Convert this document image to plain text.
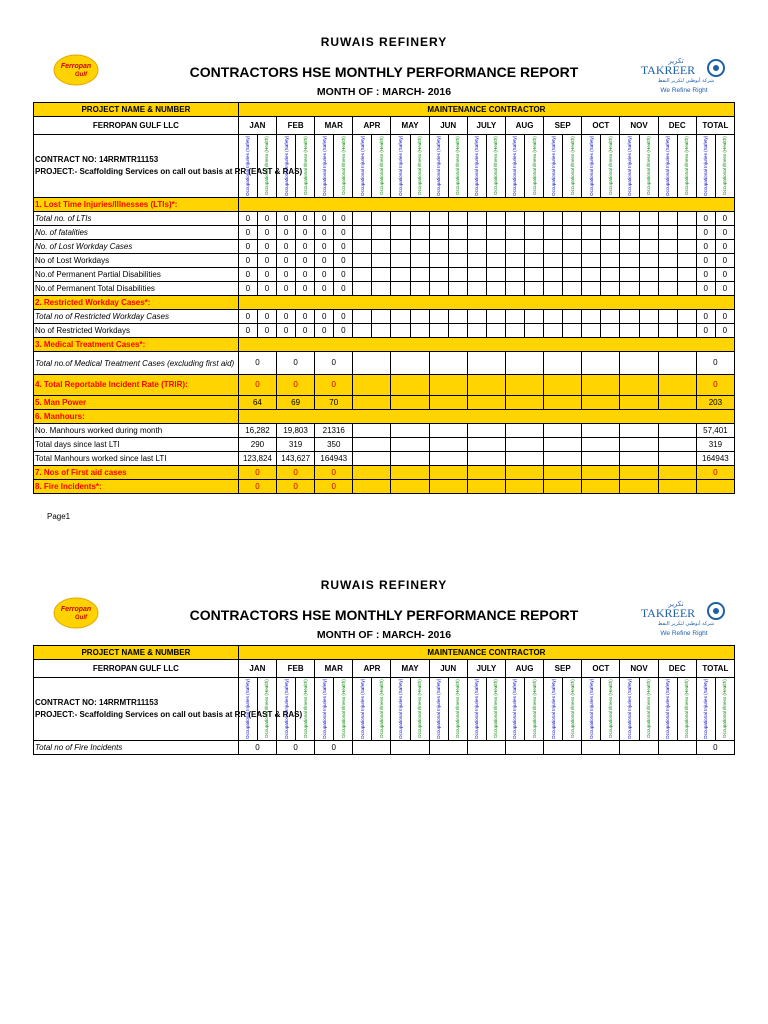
Ferropan
Gulf
RUWAIS REFINERY
CONTRACTORS HSE MONTHLY PERFORMANCE REPORT
MONTH OF : MARCH- 2016
تكرير
TAKREER
شركة أبوظبي لتكرير النفط
We Refine Right
PROJECT NAME & NUMBER	MAINTENANCE CONTRACTOR																									
FERROPAN GULF LLC	JAN		FEB		MAR		APR		MAY		JUN		JULY		AUG		SEP		OCT		NOV		DEC		TOTAL	

CONTRACT NO: 14RRMTR11153
PROJECT:- Scaffolding Services on call out basis at RR (EAST & RAS)	Occupational Injuries (Safety)	Occupational Illness (Health)	Occupational Injuries (Safety)	Occupational Illness (Health)	Occupational Injuries (Safety)	Occupational Illness (Health)	Occupational Injuries (Safety)	Occupational Illness (Health)	Occupational Injuries (Safety)	Occupational Illness (Health)	Occupational Injuries (Safety)	Occupational Illness (Health)	Occupational Injuries (Safety)	Occupational Illness (Health)	Occupational Injuries (Safety)	Occupational Illness (Health)	Occupational Injuries (Safety)	Occupational Illness (Health)	Occupational Injuries (Safety)	Occupational Illness (Health)	Occupational Injuries (Safety)	Occupational Illness (Health)	Occupational Injuries (Safety)	Occupational Illness (Health)	Occupational Injuries (Safety)	Occupational Illness (Health)

1. Lost Time Injuries/Illnesses (LTIs)*:																										
Total no. of LTIs	0	0	0	0	0	0																			0	0
No. of fatalities	0	0	0	0	0	0																			0	0
No. of Lost Workday Cases	0	0	0	0	0	0																			0	0
No of Lost Workdays	0	0	0	0	0	0																			0	0
No.of Permanent Partial Disabilities	0	0	0	0	0	0																			0	0
No.of Permanent Total Disabilities	0	0	0	0	0	0																			0	0
2. Restricted Workday Cases*:																										
Total no of Restricted Workday Cases	0	0	0	0	0	0																			0	0
No of Restricted Workdays	0	0	0	0	0	0																			0	0
3. Medical Treatment Cases*:																										
Total no.of Medical Treatment Cases (excluding first aid)	0		0		0																				0	
4. Total Reportable Incident Rate (TRIR):	0		0		0																				0	
5. Man Power	64		69		70																				203	
6. Manhours:																										
No. Manhours worked during month	16,282		19,803		21316																				57,401	
Total days since last LTI	290		319		350																				319	
Total Manhours worked since last LTI	123,824		143,627		164943																				164943	
7. Nos of First aid cases	0		0		0																				0	
8. Fire Incidents*:	0		0		0																					
Page1
Ferropan
Gulf
RUWAIS REFINERY
CONTRACTORS HSE MONTHLY PERFORMANCE REPORT
MONTH OF : MARCH- 2016
تكرير
TAKREER
شركة أبوظبي لتكرير النفط
We Refine Right
PROJECT NAME & NUMBER	MAINTENANCE CONTRACTOR																									
FERROPAN GULF LLC	JAN		FEB		MAR		APR		MAY		JUN		JULY		AUG		SEP		OCT		NOV		DEC		TOTAL	

CONTRACT NO: 14RRMTR11153
PROJECT:- Scaffolding Services on call out basis at RR (EAST & RAS)	Occupational Injuries (Safety)	Occupational Illness (Health)	Occupational Injuries (Safety)	Occupational Illness (Health)	Occupational Injuries (Safety)	Occupational Illness (Health)	Occupational Injuries (Safety)	Occupational Illness (Health)	Occupational Injuries (Safety)	Occupational Illness (Health)	Occupational Injuries (Safety)	Occupational Illness (Health)	Occupational Injuries (Safety)	Occupational Illness (Health)	Occupational Injuries (Safety)	Occupational Illness (Health)	Occupational Injuries (Safety)	Occupational Illness (Health)	Occupational Injuries (Safety)	Occupational Illness (Health)	Occupational Injuries (Safety)	Occupational Illness (Health)	Occupational Injuries (Safety)	Occupational Illness (Health)	Occupational Injuries (Safety)	Occupational Illness (Health)

Total no of Fire Incidents	0		0		0																				0	
